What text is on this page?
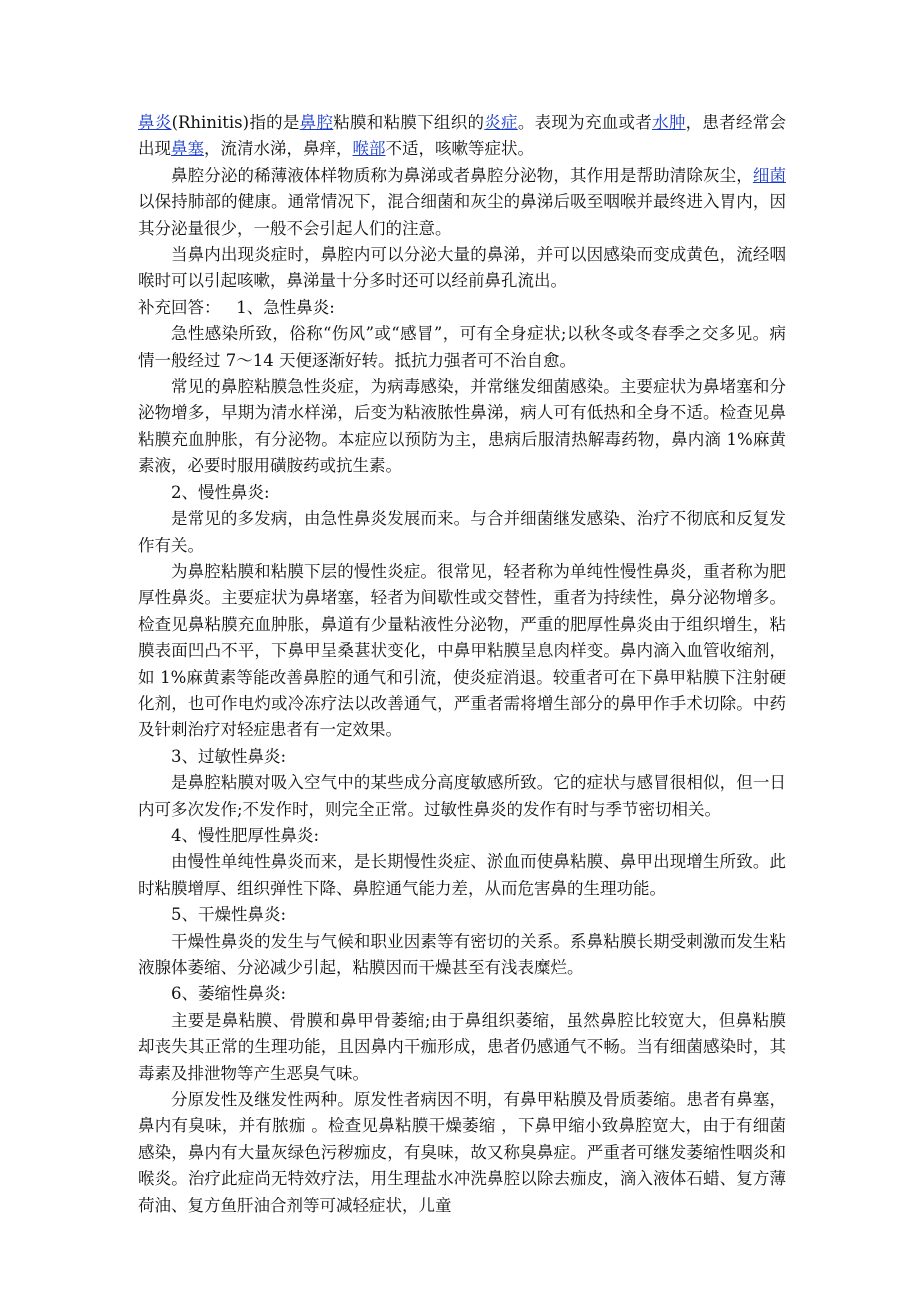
鼻炎(Rhinitis)指的是鼻腔粘膜和粘膜下组织的炎症。表现为充血或者水肿，患者经常会出现鼻塞，流清水涕，鼻痒，喉部不适，咳嗽等症状。

鼻腔分泌的稀薄液体样物质称为鼻涕或者鼻腔分泌物，其作用是帮助清除灰尘，细菌以保持肺部的健康。通常情况下，混合细菌和灰尘的鼻涕后吸至咽喉并最终进入胃内，因其分泌量很少，一般不会引起人们的注意。

当鼻内出现炎症时，鼻腔内可以分泌大量的鼻涕，并可以因感染而变成黄色，流经咽喉时可以引起咳嗽，鼻涕量十分多时还可以经前鼻孔流出。

补充回答： 1、急性鼻炎:

急性感染所致，俗称“伤风”或“感冒”，可有全身症状;以秋冬或冬春季之交多见。病情一般经过 7～14 天便逐渐好转。抵抗力强者可不治自愈。

常见的鼻腔粘膜急性炎症，为病毒感染，并常继发细菌感染。主要症状为鼻堵塞和分泌物增多，早期为清水样涕，后变为粘液脓性鼻涕，病人可有低热和全身不适。检查见鼻粘膜充血肿胀，有分泌物。本症应以预防为主，患病后服清热解毒药物，鼻内滴 1%麻黄素液，必要时服用磺胺药或抗生素。

2、慢性鼻炎:

是常见的多发病，由急性鼻炎发展而来。与合并细菌继发感染、治疗不彻底和反复发作有关。

为鼻腔粘膜和粘膜下层的慢性炎症。很常见，轻者称为单纯性慢性鼻炎，重者称为肥厚性鼻炎。主要症状为鼻堵塞，轻者为间歇性或交替性，重者为持续性，鼻分泌物增多。检查见鼻粘膜充血肿胀，鼻道有少量粘液性分泌物，严重的肥厚性鼻炎由于组织增生，粘膜表面凹凸不平，下鼻甲呈桑葚状变化，中鼻甲粘膜呈息肉样变。鼻内滴入血管收缩剂，如 1%麻黄素等能改善鼻腔的通气和引流，使炎症消退。较重者可在下鼻甲粘膜下注射硬化剂，也可作电灼或冷冻疗法以改善通气，严重者需将增生部分的鼻甲作手术切除。中药及针刺治疗对轻症患者有一定效果。

3、过敏性鼻炎:

是鼻腔粘膜对吸入空气中的某些成分高度敏感所致。它的症状与感冒很相似，但一日内可多次发作;不发作时，则完全正常。过敏性鼻炎的发作有时与季节密切相关。

4、慢性肥厚性鼻炎:

由慢性单纯性鼻炎而来，是长期慢性炎症、淤血而使鼻粘膜、鼻甲出现增生所致。此时粘膜增厚、组织弹性下降、鼻腔通气能力差，从而危害鼻的生理功能。

5、干燥性鼻炎:

干燥性鼻炎的发生与气候和职业因素等有密切的关系。系鼻粘膜长期受刺激而发生粘液腺体萎缩、分泌减少引起，粘膜因而干燥甚至有浅表糜烂。

6、萎缩性鼻炎:

主要是鼻粘膜、骨膜和鼻甲骨萎缩;由于鼻组织萎缩，虽然鼻腔比较宽大，但鼻粘膜却丧失其正常的生理功能，且因鼻内干痂形成，患者仍感通气不畅。当有细菌感染时，其毒素及排泄物等产生恶臭气味。

分原发性及继发性两种。原发性者病因不明，有鼻甲粘膜及骨质萎缩。患者有鼻塞，鼻内有臭味，并有脓痂 。检查见鼻粘膜干燥萎缩 ，下鼻甲缩小致鼻腔宽大，由于有细菌感染，鼻内有大量灰绿色污秽痂皮，有臭味，故又称臭鼻症。严重者可继发萎缩性咽炎和喉炎。治疗此症尚无特效疗法，用生理盐水冲洗鼻腔以除去痂皮，滴入液体石蜡、复方薄荷油、复方鱼肝油合剂等可减轻症状，儿童
